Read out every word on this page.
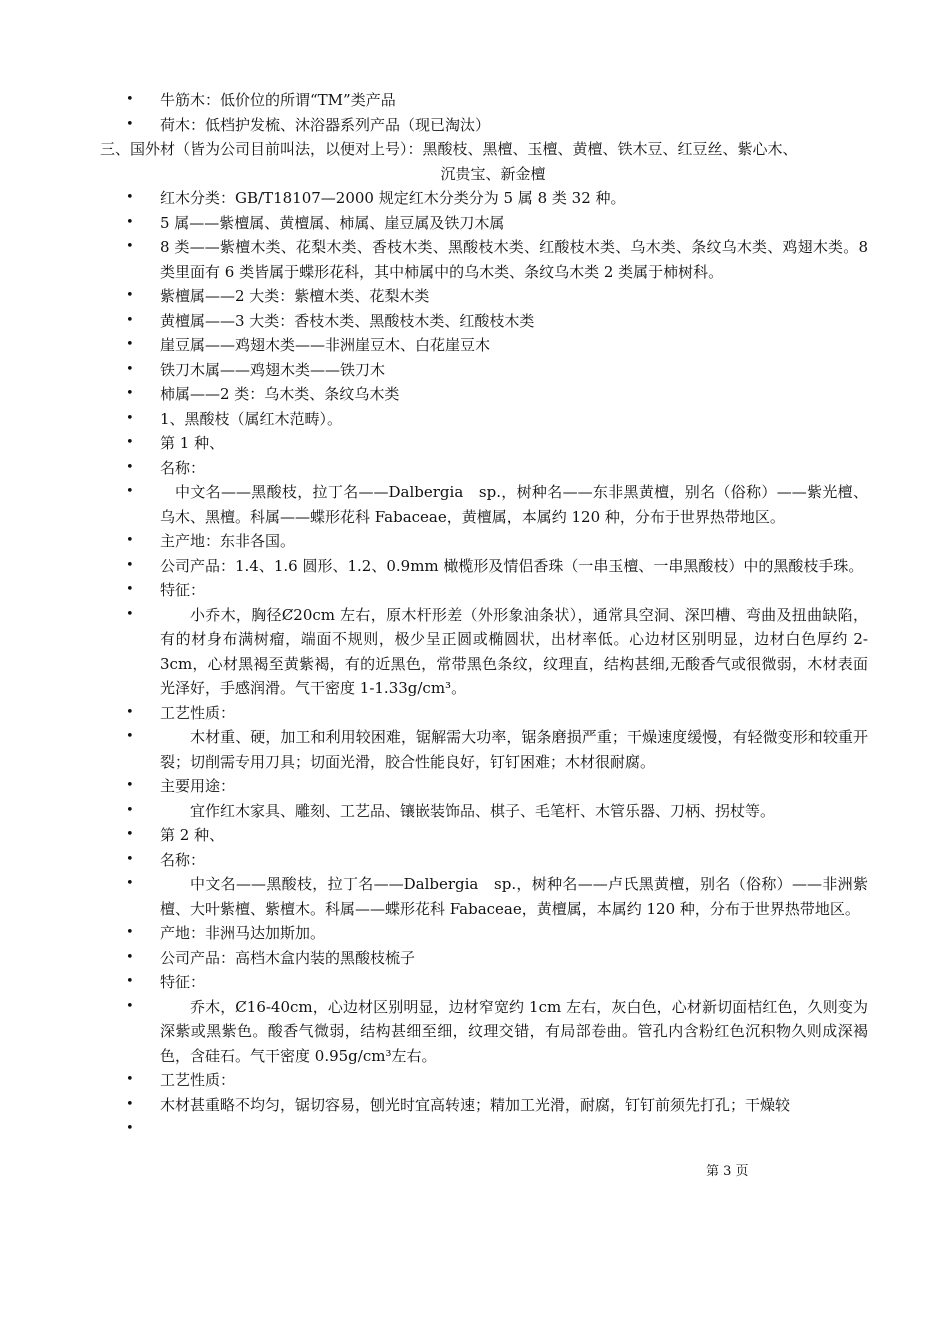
• 牛筋木：低价位的所谓“TM”类产品
• 荷木：低档护发梳、沐浴器系列产品（现已淘汰）
三、国外材（皆为公司目前叫法，以便对上号）：黑酸枝、黑檀、玉檀、黄檀、铁木豆、红豆丝、紫心木、
沉贵宝、新金檀
• 红木分类：GB/T18107—2000 规定红木分类分为 5 属 8 类 32 种。
• 5 属——紫檀属、黄檀属、柿属、崖豆属及铁刀木属
• 8 类——紫檀木类、花梨木类、香枝木类、黑酸枝木类、红酸枝木类、乌木类、条纹乌木类、鸡翅木类。8 类里面有 6 类皆属于蝶形花科，其中柿属中的乌木类、条纹乌木类 2 类属于柿树科。
• 紫檀属——2 大类：紫檀木类、花梨木类
• 黄檀属——3 大类：香枝木类、黑酸枝木类、红酸枝木类
• 崖豆属——鸡翅木类——非洲崖豆木、白花崖豆木
• 铁刀木属——鸡翅木类——铁刀木
• 柿属——2 类：乌木类、条纹乌木类
• 1、黑酸枝（属红木范畴）。
• 第 1 种、
• 名称：
•	中文名——黑酸枝，拉丁名——Dalbergia　sp.，树种名——东非黑黄檀，别名（俗称）——紫光檀、乌木、黑檀。科属——蝶形花科 Fabaceae，黄檀属，本属约 120 种，分布于世界热带地区。
• 主产地：东非各国。
• 公司产品：1.4、1.6 圆形、1.2、0.9mm 橄榄形及情侣香珠（一串玉檀、一串黑酸枝）中的黑酸枝手珠。
• 特征：
•	小乔木，胸径Ȼ20cm 左右，原木杆形差（外形象油条状），通常具空洞、深凹槽、弯曲及扭曲缺陷，有的材身布满树瘤，端面不规则，极少呈正圆或椭圆状，出材率低。心边材区别明显，边材白色厚约 2-3cm，心材黑褐至黄紫褐，有的近黑色，常带黑色条纹，纹理直，结构甚细,无酸香气或很微弱，木材表面光泽好，手感润滑。气干密度 1-1.33g/cm³。
• 工艺性质：
•	木材重、硬，加工和利用较困难，锯解需大功率，锯条磨损严重；干燥速度缓慢，有轻微变形和较重开裂；切削需专用刀具；切面光滑，胶合性能良好，钉钉困难；木材很耐腐。
• 主要用途：
•	宜作红木家具、雕刻、工艺品、镶嵌装饰品、棋子、毛笔杆、木管乐器、刀柄、拐杖等。
• 第 2 种、
• 名称：
•	中文名——黑酸枝，拉丁名——Dalbergia　sp.，树种名——卢氏黑黄檀，别名（俗称）——非洲紫檀、大叶紫檀、紫檀木。科属——蝶形花科 Fabaceae，黄檀属，本属约 120 种，分布于世界热带地区。
• 产地：非洲马达加斯加。
• 公司产品：高档木盒内装的黑酸枝梳子
• 特征：
•	乔木，Ȼ16-40cm，心边材区别明显，边材窄宽约 1cm 左右，灰白色，心材新切面桔红色，久则变为深紫或黑紫色。酸香气微弱，结构甚细至细，纹理交错，有局部卷曲。管孔内含粉红色沉积物久则成深褐色，含硅石。气干密度 0.95g/cm³左右。
• 工艺性质：
• 木材甚重略不均匀，锯切容易，刨光时宜高转速；精加工光滑，耐腐，钉钉前须先打孔；干燥较
•
第 3 页
